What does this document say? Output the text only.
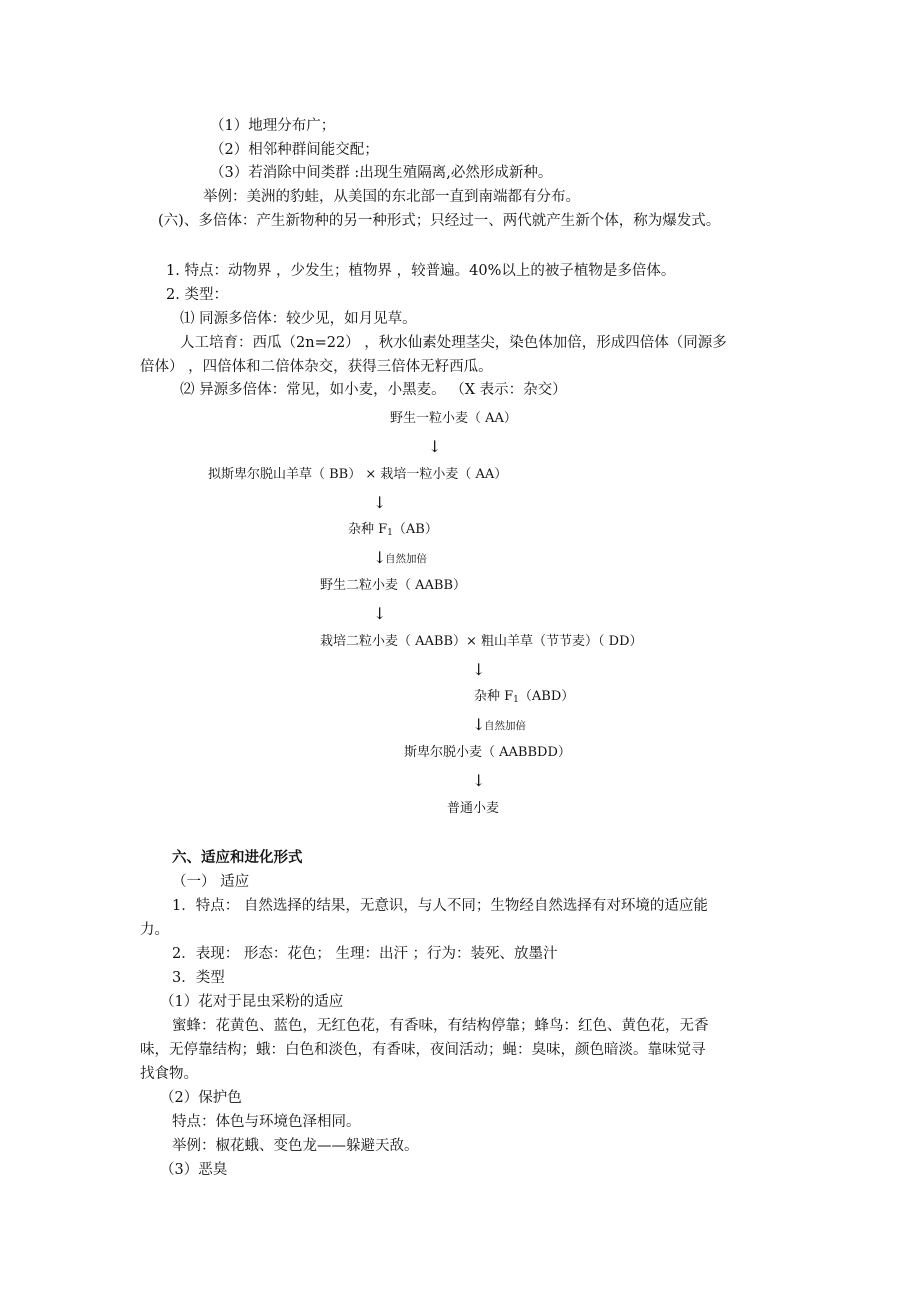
（1）地理分布广；
（2）相邻种群间能交配；
（3）若消除中间类群 :出现生殖隔离,必然形成新种。
举例：美洲的豹蛙，从美国的东北部一直到南端都有分布。
(六)、多倍体：产生新物种的另一种形式；只经过一、两代就产生新个体，称为爆发式。
1. 特点：动物界 ，少发生；植物界 ，较普遍。40%以上的被子植物是多倍体。
2. 类型：
⑴ 同源多倍体：较少见，如月见草。
人工培育：西瓜（2n=22） ，秋水仙素处理茎尖，染色体加倍，形成四倍体（同源多
倍体） ，四倍体和二倍体杂交，获得三倍体无籽西瓜。
⑵ 异源多倍体：常见，如小麦，小黑麦。 （X 表示：杂交）
野生一粒小麦（ AA）
↓
拟斯卑尔脱山羊草（ BB） × 栽培一粒小麦（ AA）
↓
杂种 $F_1(AB)$
↓
自然加倍
野生二粒小麦（ AABB）
↓
栽培二粒小麦（ AABB）× 粗山羊草（节节麦）（ DD）
↓
杂种 $F_1(ABD)$
↓
自然加倍
斯卑尔脱小麦（ AABBDD）
↓
普通小麦
六、适应和进化形式
（一） 适应
1．特点： 自然选择的结果，无意识，与人不同；生物经自然选择有对环境的适应能
力。
2．表现： 形态：花色； 生理：出汗 ；行为：装死、放墨汁
3．类型
（1）花对于昆虫采粉的适应
蜜蜂：花黄色、蓝色，无红色花，有香味，有结构停靠；蜂鸟：红色、黄色花，无香
味，无停靠结构；蛾：白色和淡色，有香味，夜间活动；蝇：臭味，颜色暗淡。靠味觉寻
找食物。
（2）保护色
特点：体色与环境色泽相同。
举例：椒花蛾、变色龙——躲避天敌。
（3）恶臭
